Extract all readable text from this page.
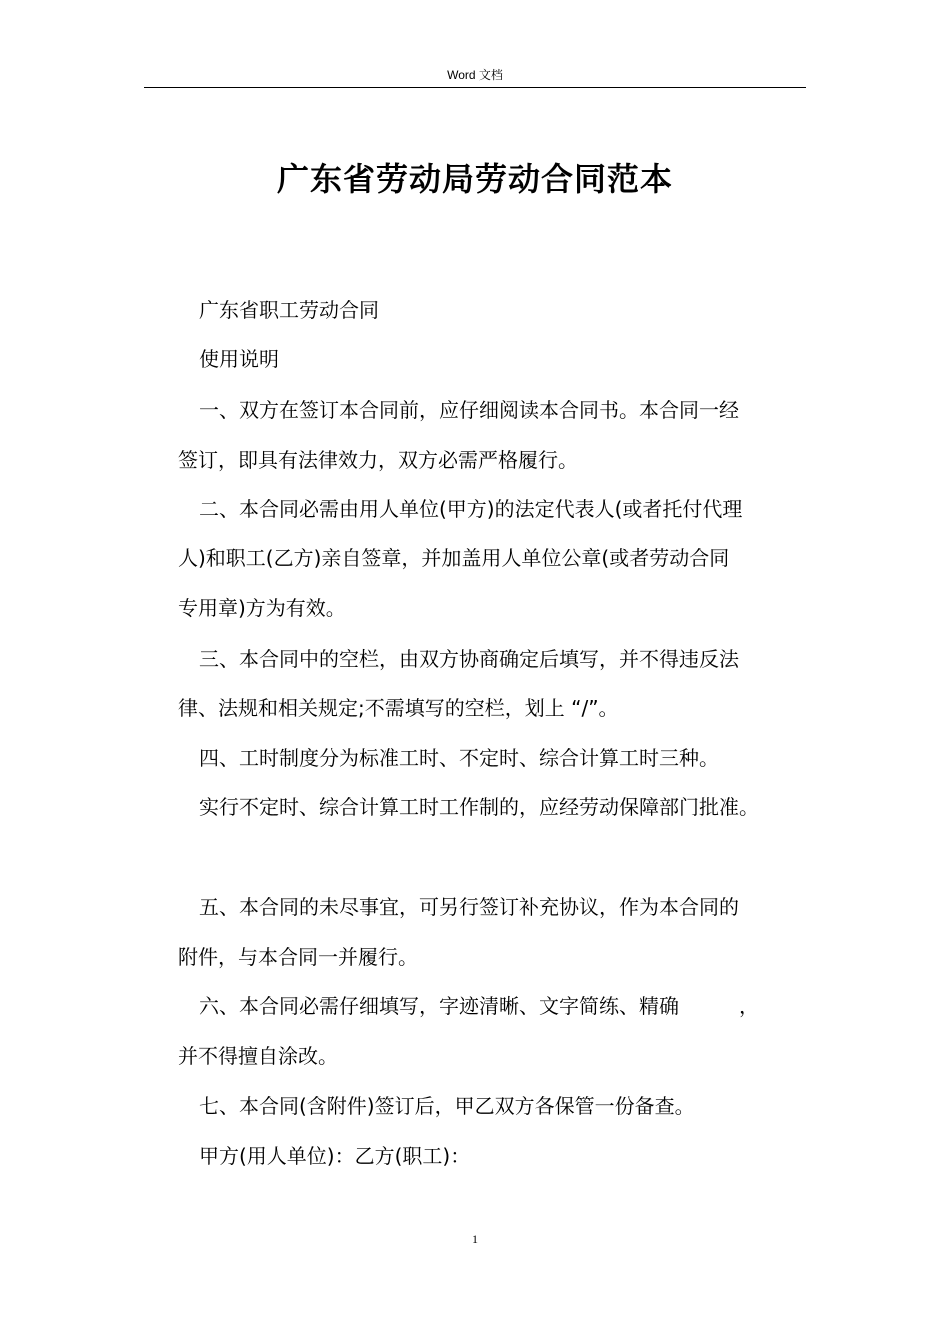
Word 文档
广东省劳动局劳动合同范本
广东省职工劳动合同
使用说明
一、双方在签订本合同前，应仔细阅读本合同书。本合同一经
签订，即具有法律效力，双方必需严格履行。
二、本合同必需由用人单位(甲方)的法定代表人(或者托付代理
人)和职工(乙方)亲自签章，并加盖用人单位公章(或者劳动合同
专用章)方为有效。
三、本合同中的空栏，由双方协商确定后填写，并不得违反法
律、法规和相关规定;不需填写的空栏，划上 “/”。
四、工时制度分为标准工时、不定时、综合计算工时三种。
实行不定时、综合计算工时工作制的，应经劳动保障部门批准。
五、本合同的未尽事宜，可另行签订补充协议，作为本合同的
附件，与本合同一并履行。
六、本合同必需仔细填写，字迹清晰、文字简练、精确　　　，
并不得擅自涂改。
七、本合同(含附件)签订后，甲乙双方各保管一份备查。
甲方(用人单位)：乙方(职工)：
1
